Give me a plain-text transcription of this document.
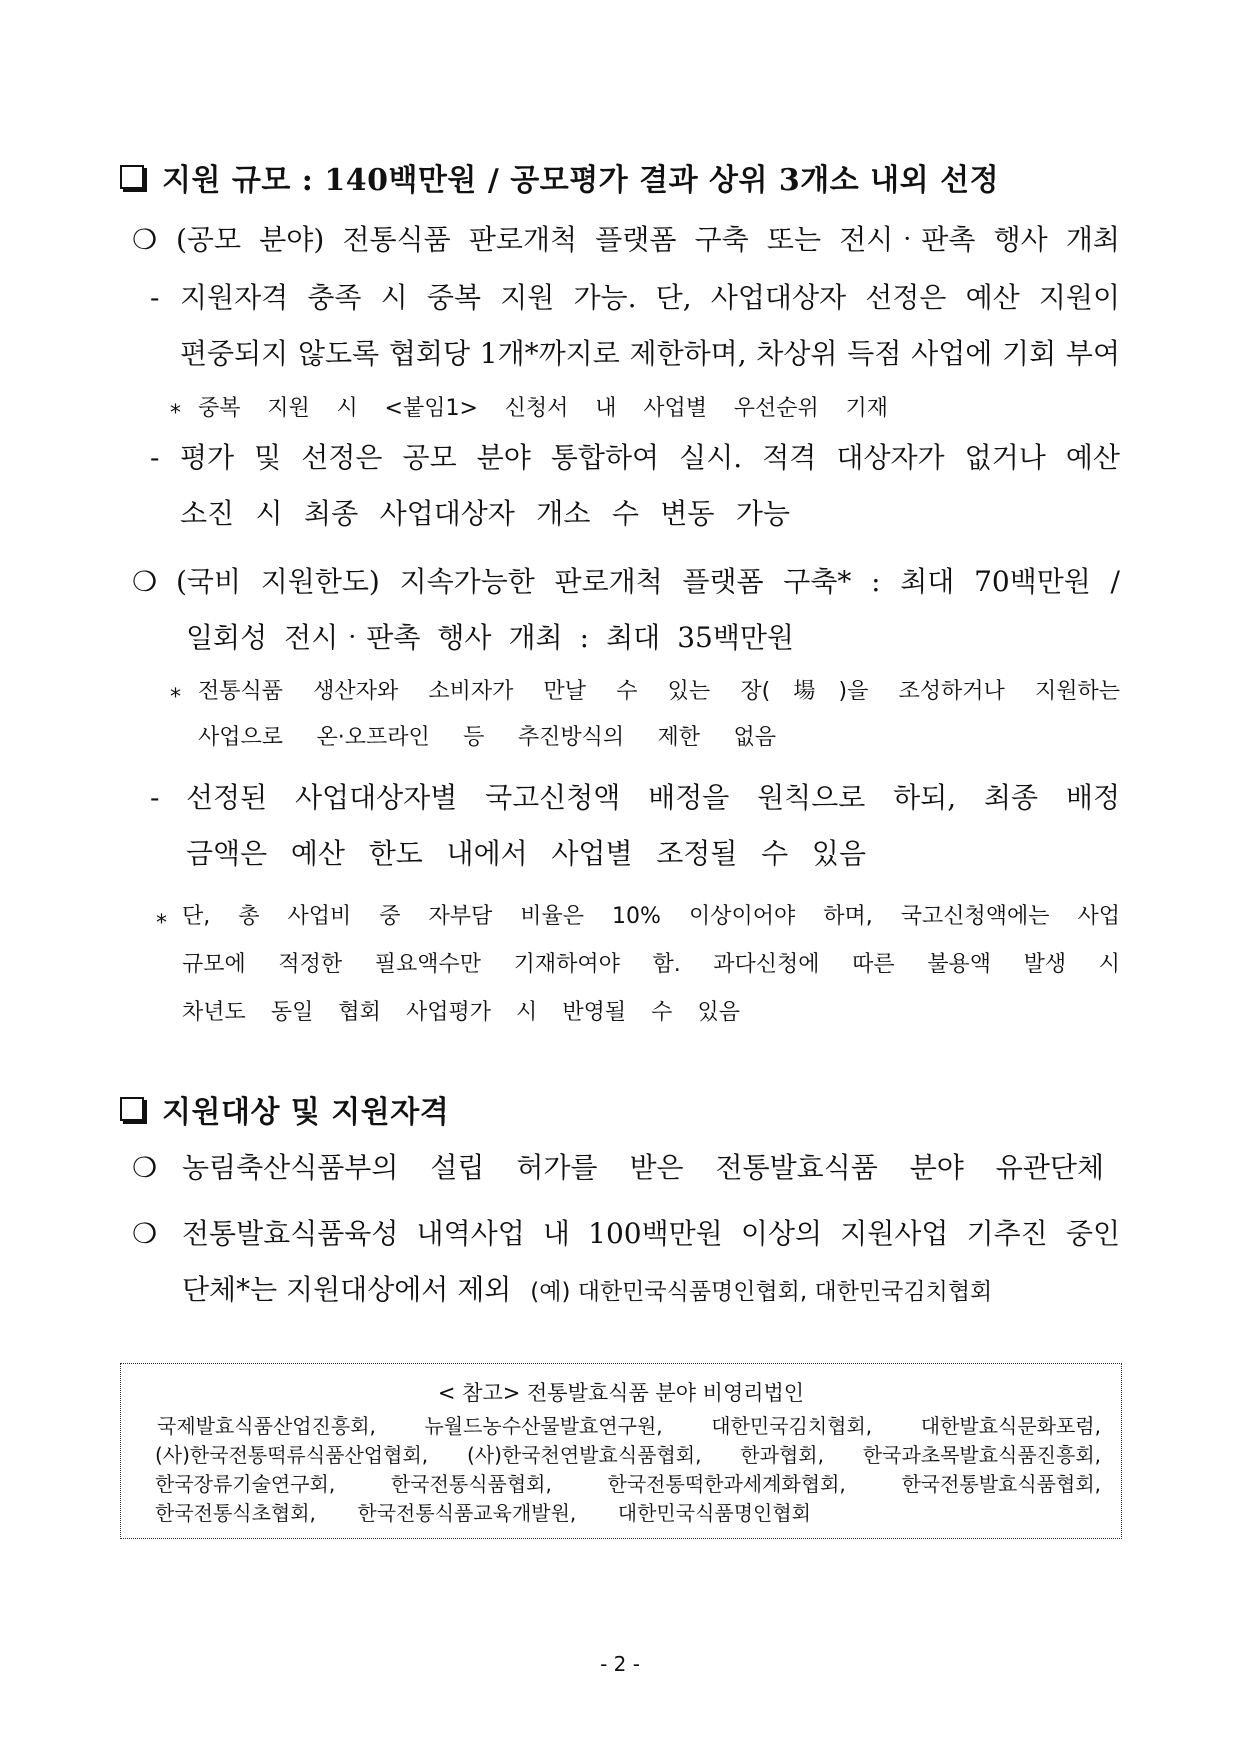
지원 규모 : 140백만원 / 공모평가 결과 상위 3개소 내외 선정
❍ (공모 분야) 전통식품 판로개척 플랫폼 구축 또는 전시‧판촉 행사 개최
- 지원자격 충족 시 중복 지원 가능. 단, 사업대상자 선정은 예산 지원이
편중되지 않도록 협회당 1개*까지로 제한하며, 차상위 득점 사업에 기회 부여
* 중복 지원 시 <붙임1> 신청서 내 사업별 우선순위 기재
- 평가 및 선정은 공모 분야 통합하여 실시. 적격 대상자가 없거나 예산
소진 시 최종 사업대상자 개소 수 변동 가능
❍ (국비 지원한도) 지속가능한 판로개척 플랫폼 구축* : 최대 70백만원 /
일회성 전시‧판촉 행사 개최 : 최대 35백만원
* 전통식품 생산자와 소비자가 만날 수 있는 장(場)을 조성하거나 지원하는
사업으로 온·오프라인 등 추진방식의 제한 없음
- 선정된 사업대상자별 국고신청액 배정을 원칙으로 하되, 최종 배정
금액은 예산 한도 내에서 사업별 조정될 수 있음
* 단, 총 사업비 중 자부담 비율은 10% 이상이어야 하며, 국고신청액에는 사업
규모에 적정한 필요액수만 기재하여야 함. 과다신청에 따른 불용액 발생 시
차년도 동일 협회 사업평가 시 반영될 수 있음
지원대상 및 지원자격
❍ 농림축산식품부의 설립 허가를 받은 전통발효식품 분야 유관단체
❍ 전통발효식품육성 내역사업 내 100백만원 이상의 지원사업 기추진 중인
단체*는 지원대상에서 제외 (예) 대한민국식품명인협회, 대한민국김치협회
< 참고> 전통발효식품 분야 비영리법인
국제발효식품산업진흥회, 뉴월드농수산물발효연구원, 대한민국김치협회, 대한발효식문화포럼,
(사)한국전통떡류식품산업협회, (사)한국천연발효식품협회, 한과협회, 한국과초목발효식품진흥회,
한국장류기술연구회, 한국전통식품협회, 한국전통떡한과세계화협회, 한국전통발효식품협회,
한국전통식초협회, 한국전통식품교육개발원, 대한민국식품명인협회
- 2 -
